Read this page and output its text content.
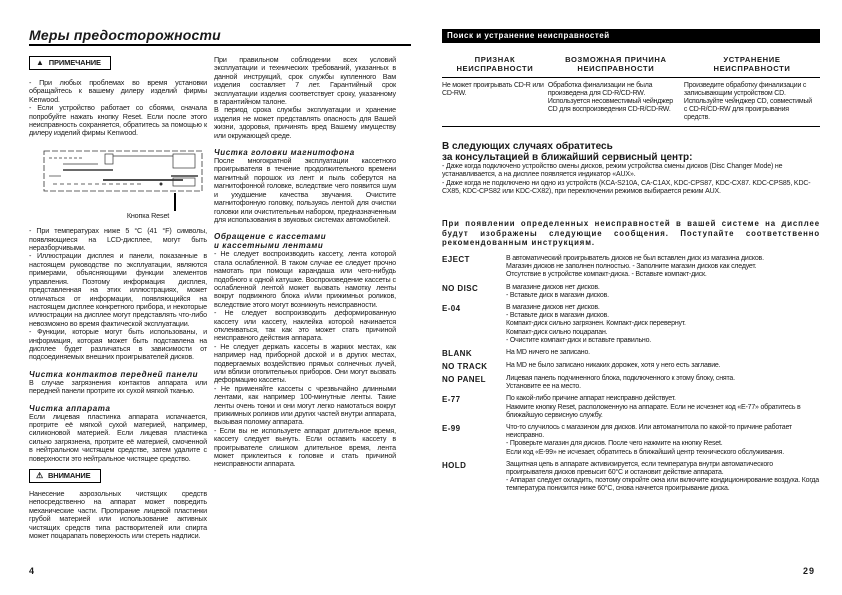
Меры предосторожности
▲ ПРИМЕЧАНИЕ

- При любых проблемах во время установки обращайтесь к вашему дилеру изделий фирмы Kenwood.

- Если устройство работает со сбоями, сначала попробуйте нажать кнопку Reset. Если после этого неисправность сохраняется, обратитесь за помощью к дилеру изделий фирмы Kenwood.

Кнопка Reset

- При температурах ниже 5 °C (41 °F) символы, появляющиеся на LCD-дисплее, могут быть неразборчивыми.

- Иллюстрации дисплея и панели, показанные в настоящем руководстве по эксплуатации, являются примерами, объясняющими функции элементов управления. Поэтому информация дисплея, представленная на этих иллюстрациях, может отличаться от информации, появляющийся на настоящем дисплее конкретного прибора, и некоторые иллюстрации на дисплее могут представлять что-либо невозможно во время фактической эксплуатации.

- Функции, которые могут быть использованы, и информация, которая может быть подставлена на дисплее будет различаться в зависимости от подсоединяемых внешних проигрывателей дисков.

Чистка контактов передней панели

В случае загрязнения контактов аппарата или передней панели протрите их сухой мягкой тканью.

Чистка аппарата

Если лицевая пластинка аппарата испачкается, протрите её мягкой сухой материей, например, силиконовой материей. Если лицевая пластинка сильно загрязнена, протрите её материей, смоченной в нейтральном чистящем средстве, затем удалите с поверхности это нейтральное чистящее средство.

⚠ ВНИМАНИЕ

Нанесение аэрозольных чистящих средств непосредственно на аппарат может повредить механические части. Протирание лицевой пластинки грубой материей или использование активных чистящих средств типа растворителей или спирта может поцарапать поверхность или стереть надписи.

4

При правильном соблюдении всех условий эксплуатации и технических требований, указанных в данной инструкций, срок службы купленного Вам изделия составляет 7 лет. Гарантийный срок эксплуатации изделия соответствует сроку, указанному в гарантийном талоне.

В период срока службы эксплуатации и хранение изделия не может представлять опасность для Вашей жизни, здоровья, причинять вред Вашему имуществу или окружающей среде.

Чистка головки магнитофона

После многократной эксплуатации кассетного проигрывателя в течение продолжительного времени магнитный порошок из лент и пыль соберутся на магнитофонной головке, вследствие чего появится шум и ухудшение качества звучания. Очистите магнитофонную головку, пользуясь лентой для очистки головки или очистительным набором, предназначенным для использования в звуковых системах автомобилей.

Обращение с кассетами

и кассетными лентами

- Не следует воспроизводить кассету, лента которой стала ослабленной. В таком случае ее следует прочно намотать при помощи карандаша или чего-нибудь подобного к одной катушке. Воспроизведение кассеты с ослабленной лентой может вызвать намотку ленты вокруг подвижного блока и/или прижимных роликов, вследствие этого могут возникнуть неисправности.

- Не следует воспроизводить деформированную кассету или кассету, наклейка которой начинается отклеиваться, так как это может стать причиной неисправного действия аппарата.

- Не следует держать кассеты в жарких местах, как например над приборной доской и в других местах, подвергаемых воздействию прямых солнечных лучей, или вблизи отопительных приборов. Они могут вызвать деформацию кассеты.

- Не применяйте кассеты с чрезвычайно длинными лентами, как например 100-минутные ленты. Такие ленты очень тонки и они могут легко намотаться вокруг прижимных роликов или других частей внутри аппарата, вызывая поломку аппарата.

- Если вы не используете аппарат длительное время, кассету следует вынуть. Если оставить кассету в проигрывателе слишком длительное время, лента может приклеиться к головке и стать причиной неисправности аппарата.

Поиск и устранение неисправностей
ПРИЗНАК НЕИСПРАВНОСТИ	ВОЗМОЖНАЯ ПРИЧИНА НЕИСПРАВНОСТИ	УСТРАНЕНИЕ НЕИСПРАВНОСТИ
Не может проигрывать CD-R или CD-RW.	Обработка финализации не была произведена для CD-R/CD-RW. Используется несовместимый чейнджер CD для воспроизведения CD-R/CD-RW.	Произведите обработку финализации с записывающим устройством CD. Используйте чейнджер CD, совместимый с CD-R/CD-RW для проигрывания средств.

В следующих случаях обратитесь

за консультацией в ближайший сервисный центр:

- Даже когда подключено устройство смены дисков, режим устройства смены дисков (Disc Changer Mode) не устанавливается, а на дисплее появляется индикатор «AUX».

- Даже когда не подключено ни одно из устройств (KCA-S210A, CA-C1AX, KDC-CPS87, KDC-CX87. KDC-CPS85, KDC-CX85, KDC-CPS82 или KDC-CX82), при переключении режимов выбирается режим AUX.

При появлении определенных неисправностей в вашей системе на дисплее будут изображены следующие сообщения. Поступайте соответственно рекомендованным инструкциям.
EJECT	В автоматический проигрыватель дисков не был вставлен диск из магазина дисков.
Магазин дисков не заполнен полностью. - Заполните магазин дисков как следует.
Отсутствие в устройстве компакт-диска. - Вставьте компакт-диск.
NO DISC	В магазине дисков нет дисков.
- Вставьте диск в магазин дисков.
E-04	В магазине дисков нет дисков.
- Вставьте диск в магазин дисков.
Компакт-диск сильно загрязнен. Компакт-диск перевернут.
Компакт-диск сильно поцарапан.
- Очистите компакт-диск и вставьте правильно.
BLANK	На MD ничего не записано.
NO TRACK	На MD не было записано никаких дорожек, хотя у него есть заглавие.
NO PANEL	Лицевая панель подчиненного блока, подключенного к этому блоку, снята.
Установите ее на место.
E-77	По какой-либо причине аппарат неисправно действует.
Нажмите кнопку Reset, расположенную на аппарате. Если не исчезнет код «E-77» обратитесь в ближайшую сервисную службу.
E-99	Что-то случилось с магазином для дисков. Или автомагнитола по какой-то причине работает неисправно.
- Проверьте магазин для дисков. После чего нажмите на кнопку Reset.
Если код «E-99» не исчезает, обратитесь в ближайший центр технического обслуживания.
HOLD	Защитная цепь в аппарате активизируется, если температура внутри автоматического проигрывателя дисков превысит 60°C и остановит действие аппарата.
- Аппарат следует охладить, поэтому откройте окна или включите кондиционирование воздуха. Когда температура понизится ниже 60°C, снова начнется проигрывание диска.
29
